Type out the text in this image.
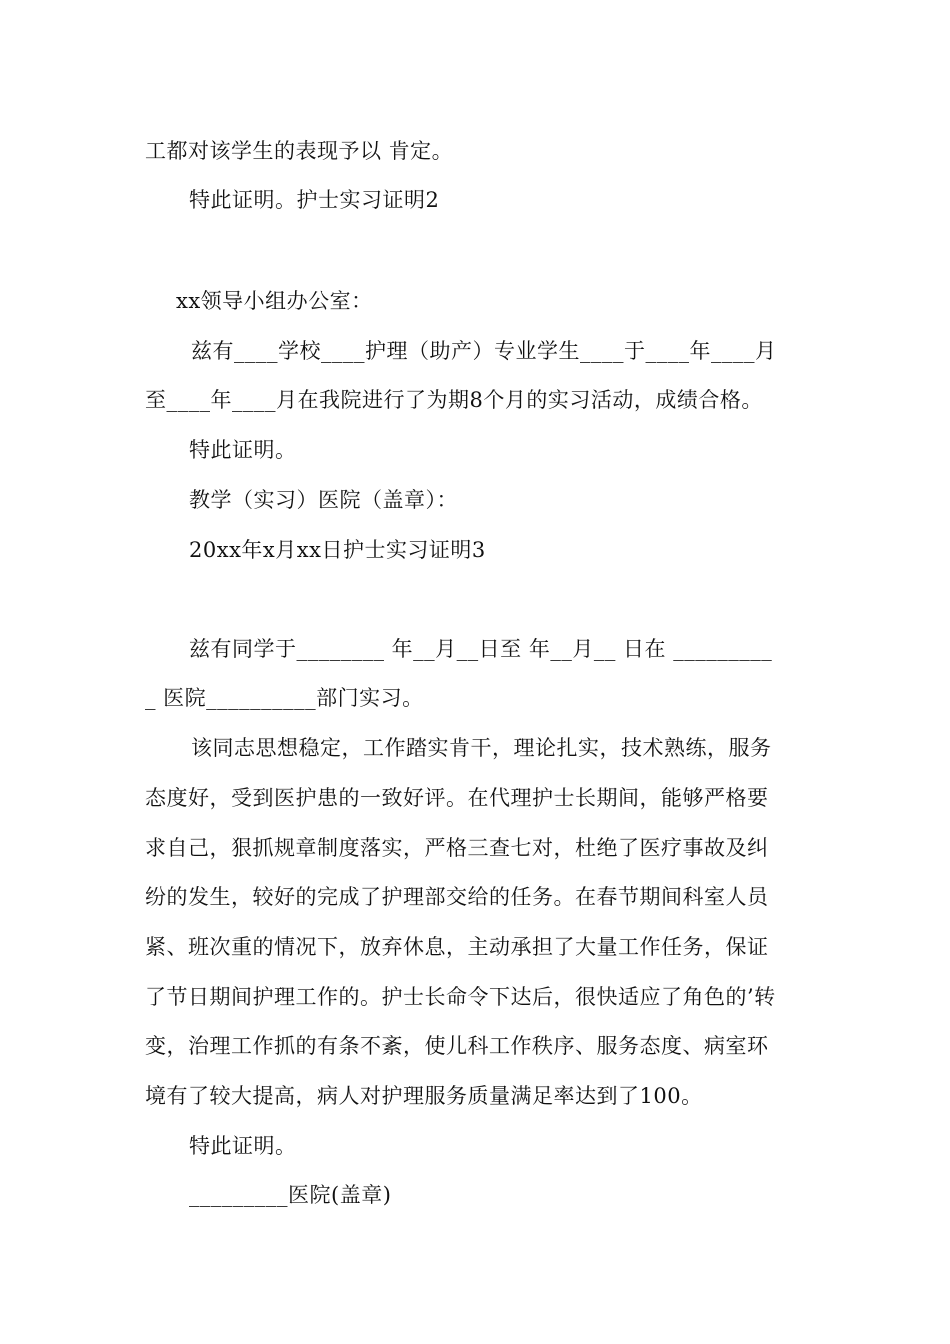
工都对该学生的表现予以 肯定。
特此证明。护士实习证明2
xx领导小组办公室：
兹有____学校____护理（助产）专业学生____于____年____月
至____年____月在我院进行了为期8个月的实习活动，成绩合格。
特此证明。
教学（实习）医院（盖章）：
20xx年x月xx日护士实习证明3
兹有同学于________ 年__月__日至 年__月__ 日在 _________
_ 医院__________部门实习。
该同志思想稳定，工作踏实肯干，理论扎实，技术熟练，服务
态度好，受到医护患的一致好评。在代理护士长期间，能够严格要
求自己，狠抓规章制度落实，严格三查七对，杜绝了医疗事故及纠
纷的发生，较好的完成了护理部交给的任务。在春节期间科室人员
紧、班次重的情况下，放弃休息，主动承担了大量工作任务，保证
了节日期间护理工作的。护士长命令下达后，很快适应了角色的’转
变，治理工作抓的有条不紊，使儿科工作秩序、服务态度、病室环
境有了较大提高，病人对护理服务质量满足率达到了100。
特此证明。
_________医院(盖章)
